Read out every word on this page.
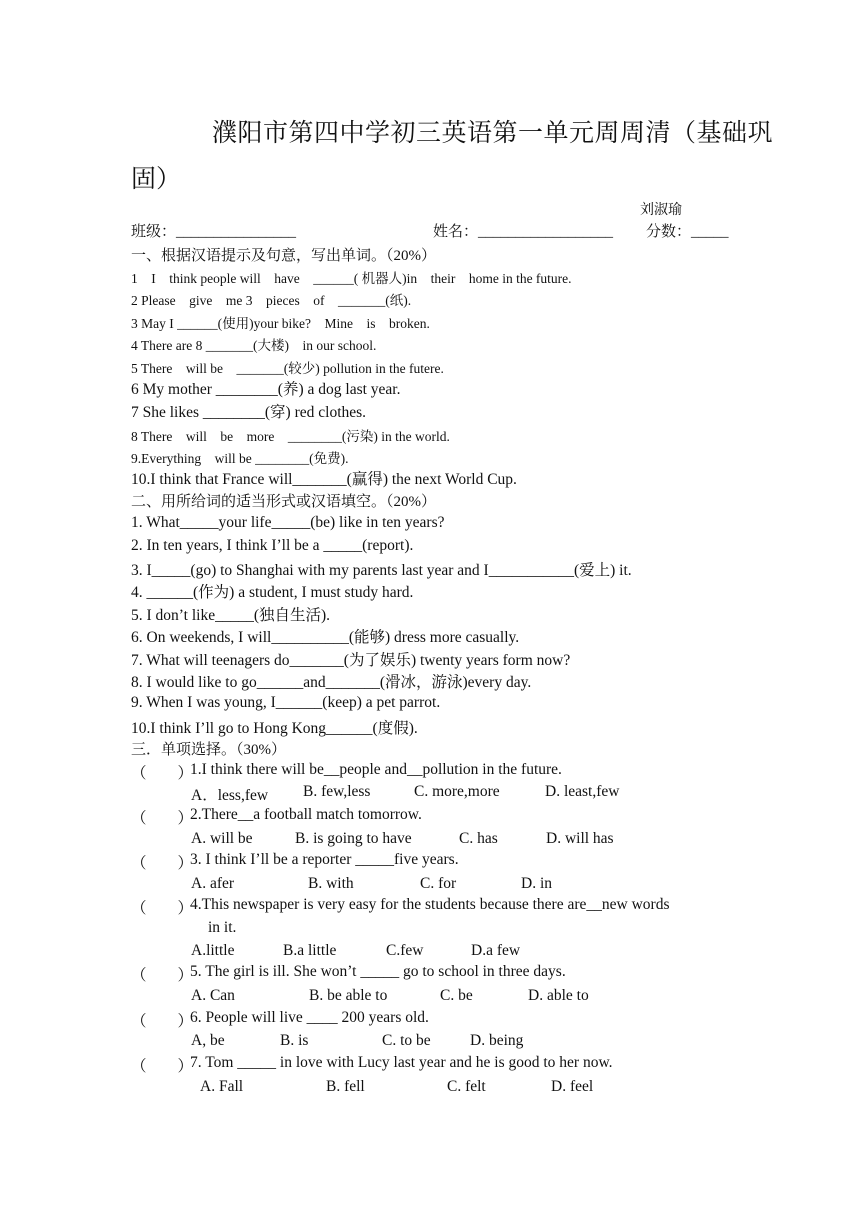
濮阳市第四中学初三英语第一单元周周清（基础巩
固）
刘淑瑜
班级：________________	姓名：__________________ 分数：_____
一、根据汉语提示及句意，写出单词。（20%）
1　I　think people will　have　______( 机器人)in　their　home in the future.
2 Please　give　me 3　pieces　of　_______(纸).
3 May I ______(使用)your bike?　Mine　is　broken.
4 There are 8 _______(大楼)　in our school.
5 There　will be　_______(较少) pollution in the futere.
6 My mother ________(养) a dog last year.
7 She likes ________(穿) red clothes.
8 There　will　be　more　________(污染) in the world.
9.Everything　will be ________(免费).
10.I think that France will_______(赢得) the next World Cup.
二、用所给词的适当形式或汉语填空。（20%）
1. What_____your life_____(be) like in ten years?
2. In ten years, I think I’ll be a _____(report).
3. I_____(go) to Shanghai with my parents last year and I___________(爱上) it.
4. ______(作为) a student, I must study hard.
5. I don’t like_____(独自生活).
6. On weekends, I will__________(能够) dress more casually.
7. What will teenagers do_______(为了娱乐) twenty years form now?
8. I would like to go______and_______(滑冰，游泳)every day.
9. When I was young, I______(keep) a pet parrot.
10.I think I’ll go to Hong Kong______(度假).
三．单项选择。（30%）
（　　）
1.I think there will be__people and__pollution in the future.
A．less,few B. few,less	C. more,more	D. least,few
（　　）
2.There__a football match tomorrow.
A. will be	B. is going to have	C. has	D. will has
（　　）
3. I think I’ll be a reporter _____five years.
A. afer	B. with	C. for	D. in
（　　）
4.This newspaper is very easy for the students because there are__new words
in it.
A.little	B.a little	C.few	D.a few
（　　）
5. The girl is ill. She won’t _____ go to school in three days.
A. Can	B. be able to	C. be	D. able to
（　　）
6. People will live ____ 200 years old.
A, be	B. is	C. to be	D. being
（　　）
7. Tom _____ in love with Lucy last year and he is good to her now.
A. Fall	B. fell	C. felt	D. feel
